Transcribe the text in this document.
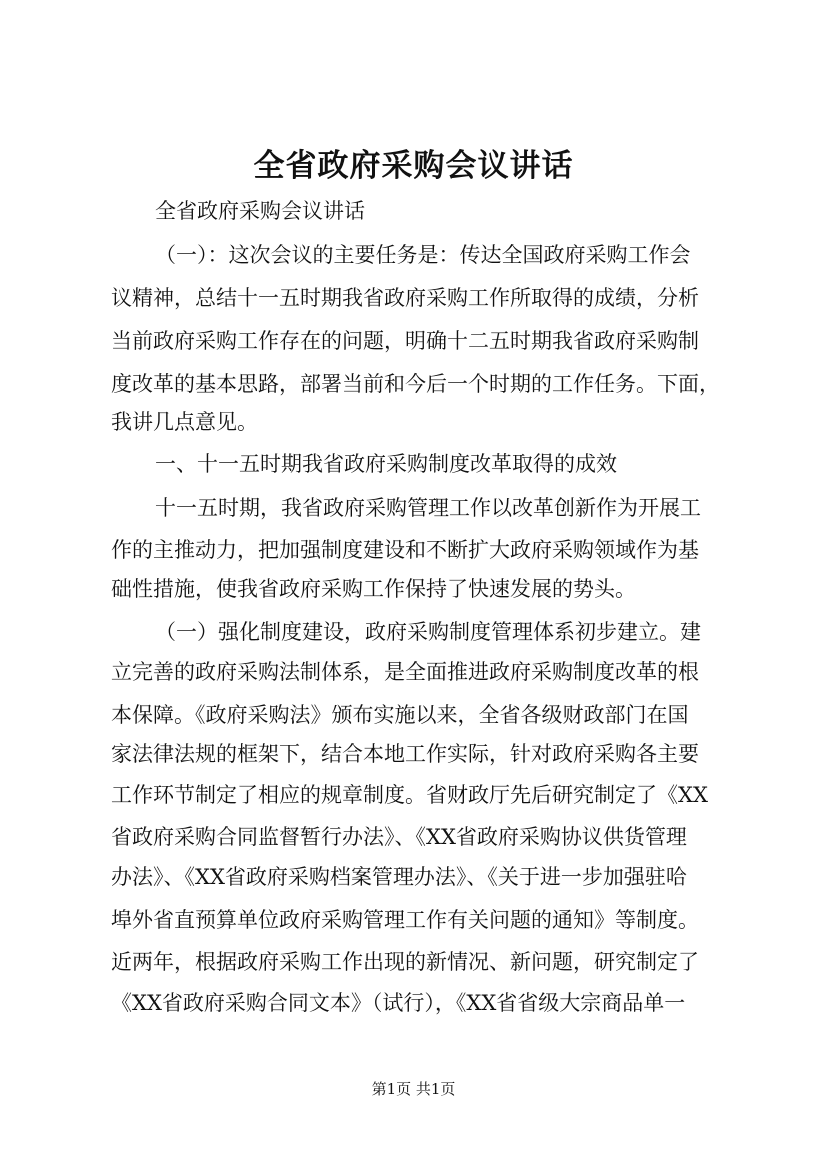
全省政府采购会议讲话
全省政府采购会议讲话
（一）：这次会议的主要任务是：传达全国政府采购工作会
议精神，总结十一五时期我省政府采购工作所取得的成绩，分析
当前政府采购工作存在的问题，明确十二五时期我省政府采购制
度改革的基本思路，部署当前和今后一个时期的工作任务。下面，
我讲几点意见。
一、十一五时期我省政府采购制度改革取得的成效
十一五时期，我省政府采购管理工作以改革创新作为开展工
作的主推动力，把加强制度建设和不断扩大政府采购领域作为基
础性措施，使我省政府采购工作保持了快速发展的势头。
（一）强化制度建设，政府采购制度管理体系初步建立。建
立完善的政府采购法制体系，是全面推进政府采购制度改革的根
本保障。《政府采购法》颁布实施以来，全省各级财政部门在国
家法律法规的框架下，结合本地工作实际，针对政府采购各主要
工作环节制定了相应的规章制度。省财政厅先后研究制定了《XX
省政府采购合同监督暂行办法》、《XX省政府采购协议供货管理
办法》、《XX省政府采购档案管理办法》、《关于进一步加强驻哈
埠外省直预算单位政府采购管理工作有关问题的通知》等制度。
近两年，根据政府采购工作出现的新情况、新问题，研究制定了
《XX省政府采购合同文本》（试行），《XX省省级大宗商品单一
第1页 共1页
